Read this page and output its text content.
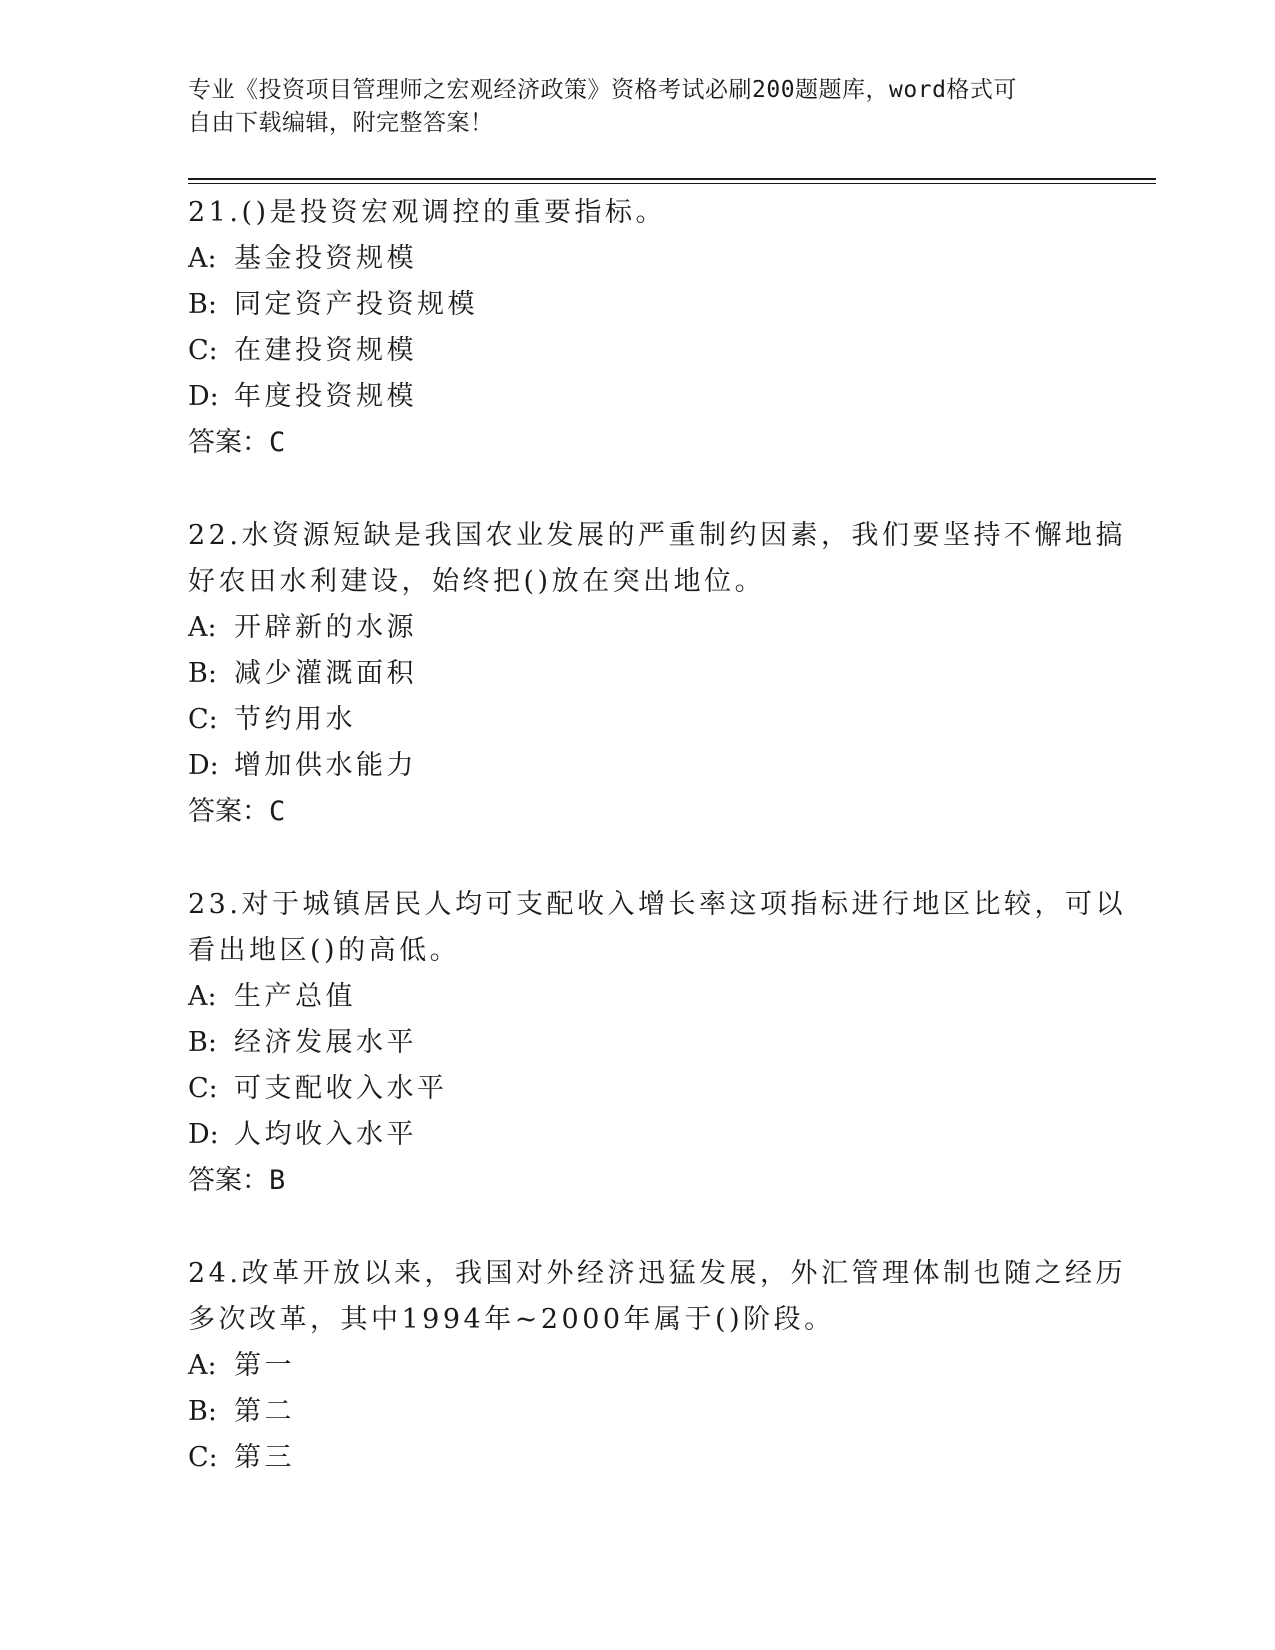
专业《投资项目管理师之宏观经济政策》资格考试必刷200题题库，word格式可
自由下载编辑，附完整答案！
21.()是投资宏观调控的重要指标。
A: 基金投资规模
B: 同定资产投资规模
C: 在建投资规模
D: 年度投资规模
答案：C
22.水资源短缺是我国农业发展的严重制约因素，我们要坚持不懈地搞
好农田水利建设，始终把()放在突出地位。
A: 开辟新的水源
B: 减少灌溉面积
C: 节约用水
D: 增加供水能力
答案：C
23.对于城镇居民人均可支配收入增长率这项指标进行地区比较，可以
看出地区()的高低。
A: 生产总值
B: 经济发展水平
C: 可支配收入水平
D: 人均收入水平
答案：B
24.改革开放以来，我国对外经济迅猛发展，外汇管理体制也随之经历
多次改革，其中1994年~2000年属于()阶段。
A: 第一
B: 第二
C: 第三
